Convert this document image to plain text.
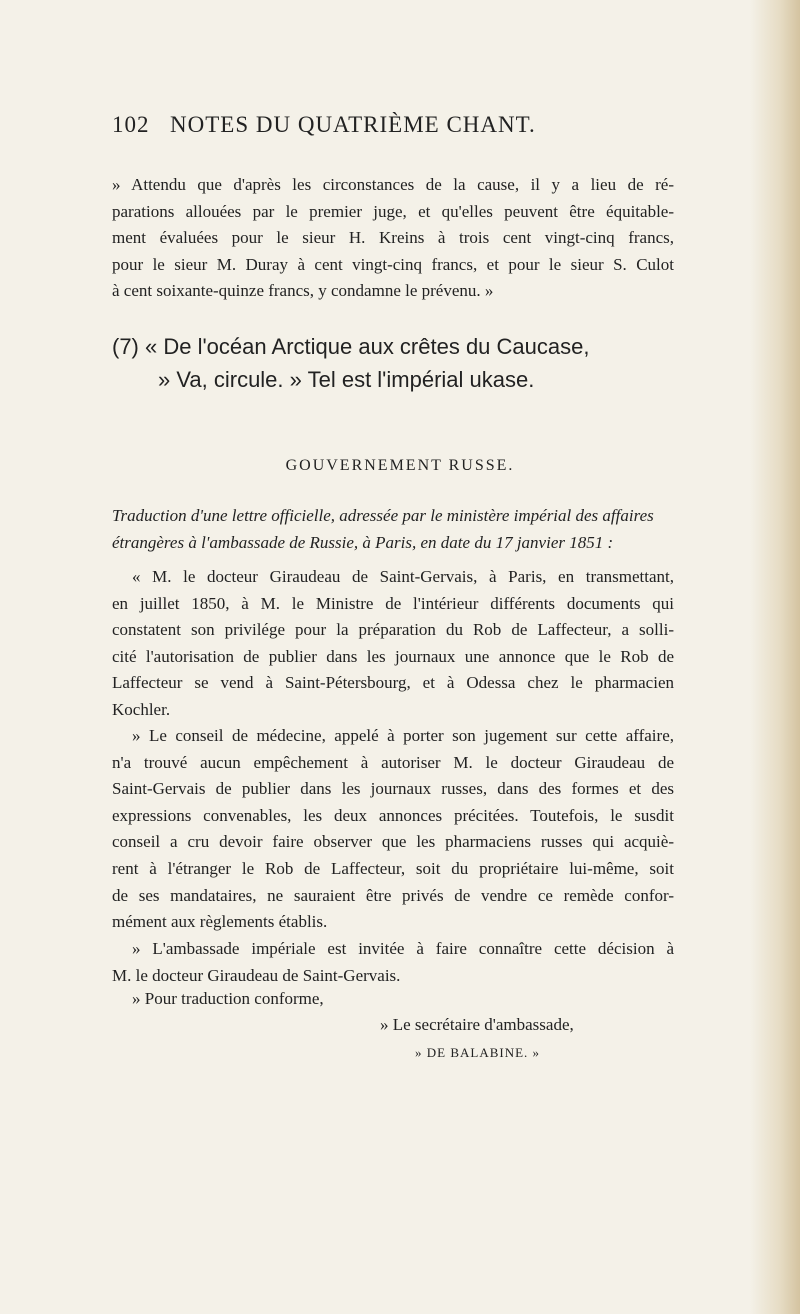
102 NOTES DU QUATRIÈME CHANT.
» Attendu que d'après les circonstances de la cause, il y a lieu de ré-
parations allouées par le premier juge, et qu'elles peuvent être équitable-
ment évaluées pour le sieur H. Kreins à trois cent vingt-cinq francs,
pour le sieur M. Duray à cent vingt-cinq francs, et pour le sieur S. Culot
à cent soixante-quinze francs, y condamne le prévenu. »
(7) « De l'océan Arctique aux crêtes du Caucase,
» Va, circule. » Tel est l'impérial ukase.
GOUVERNEMENT RUSSE.
Traduction d'une lettre officielle, adressée par le ministère impérial des affaires
étrangères à l'ambassade de Russie, à Paris, en date du 17 janvier 1851 :
« M. le docteur Giraudeau de Saint-Gervais, à Paris, en transmettant,
en juillet 1850, à M. le Ministre de l'intérieur différents documents qui
constatent son privilége pour la préparation du Rob de Laffecteur, a solli-
cité l'autorisation de publier dans les journaux une annonce que le Rob de
Laffecteur se vend à Saint-Pétersbourg, et à Odessa chez le pharmacien
Kochler.
» Le conseil de médecine, appelé à porter son jugement sur cette affaire,
n'a trouvé aucun empêchement à autoriser M. le docteur Giraudeau de
Saint-Gervais de publier dans les journaux russes, dans des formes et des
expressions convenables, les deux annonces précitées. Toutefois, le susdit
conseil a cru devoir faire observer que les pharmaciens russes qui acquiè-
rent à l'étranger le Rob de Laffecteur, soit du propriétaire lui-même, soit
de ses mandataires, ne sauraient être privés de vendre ce remède confor-
mément aux règlements établis.
» L'ambassade impériale est invitée à faire connaître cette décision à
M. le docteur Giraudeau de Saint-Gervais.
» Pour traduction conforme,
» Le secrétaire d'ambassade,
» DE BALABINE. »
